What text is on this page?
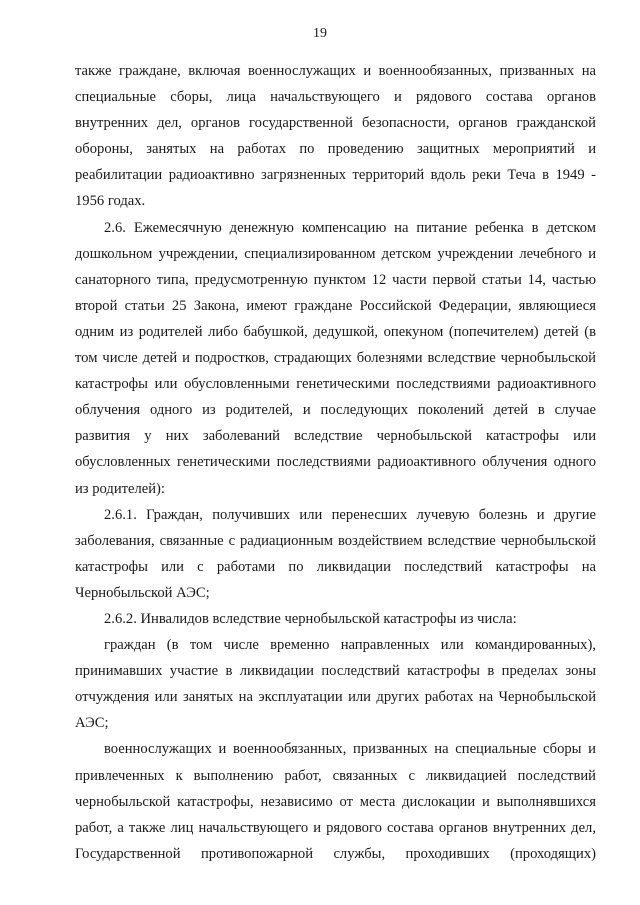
19

также граждане, включая военнослужащих и военнообязанных, призванных на специальные сборы, лица начальствующего и рядового состава органов внутренних дел, органов государственной безопасности, органов гражданской обороны, занятых на работах по проведению защитных мероприятий и реабилитации радиоактивно загрязненных территорий вдоль реки Теча в 1949 - 1956 годах.

2.6. Ежемесячную денежную компенсацию на питание ребенка в детском дошкольном учреждении, специализированном детском учреждении лечебного и санаторного типа, предусмотренную пунктом 12 части первой статьи 14, частью второй статьи 25 Закона, имеют граждане Российской Федерации, являющиеся одним из родителей либо бабушкой, дедушкой, опекуном (попечителем) детей (в том числе детей и подростков, страдающих болезнями вследствие чернобыльской катастрофы или обусловленными генетическими последствиями радиоактивного облучения одного из родителей, и последующих поколений детей в случае развития у них заболеваний вследствие чернобыльской катастрофы или обусловленных генетическими последствиями радиоактивного облучения одного из родителей):

2.6.1. Граждан, получивших или перенесших лучевую болезнь и другие заболевания, связанные с радиационным воздействием вследствие чернобыльской катастрофы или с работами по ликвидации последствий катастрофы на Чернобыльской АЭС;

2.6.2. Инвалидов вследствие чернобыльской катастрофы из числа:

граждан (в том числе временно направленных или командированных), принимавших участие в ликвидации последствий катастрофы в пределах зоны отчуждения или занятых на эксплуатации или других работах на Чернобыльской АЭС;

военнослужащих и военнообязанных, призванных на специальные сборы и привлеченных к выполнению работ, связанных с ликвидацией последствий чернобыльской катастрофы, независимо от места дислокации и выполнявшихся работ, а также лиц начальствующего и рядового состава органов внутренних дел, Государственной противопожарной службы, проходивших (проходящих)
